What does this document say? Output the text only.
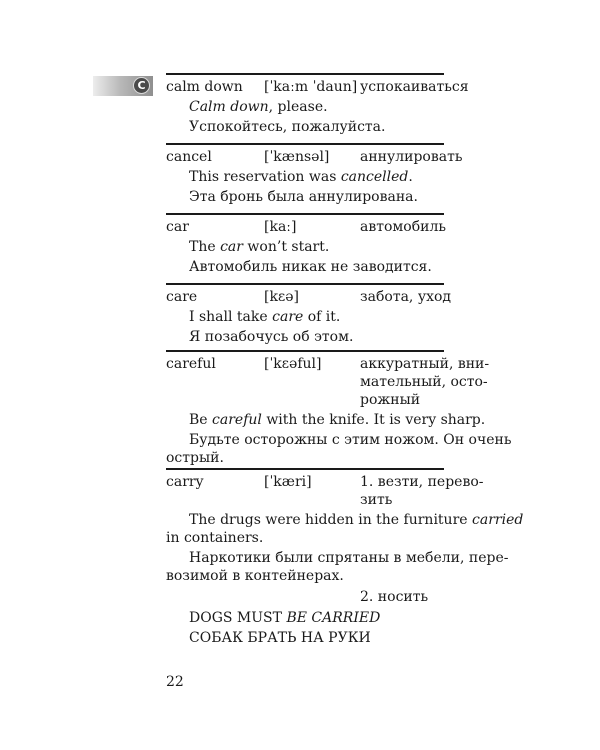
C	calm down [ˈkaːm ˈdaun] успокаиваться
Calm down, please.
Успокойтесь, пожалуйста.
cancel	[ˈkænsəl] аннулировать
This reservation was cancelled.
Эта бронь была аннулирована.
car	[kaː]	автомобиль
The car won’t start.
Автомобиль никак не заводится.
care	[kɛə]	забота, уход
I shall take care of it.
Я позабочусь об этом.
careful	[ˈkɛəful]	аккуратный, вни-
мательный, осто-
рожный
Be careful with the knife. It is very sharp.
Будьте осторожны с этим ножом. Он очень
острый.
carry	[ˈkæri]	1. везти, перево-
зить
The drugs were hidden in the furniture carried
in containers.
Наркотики были спрятаны в мебели, пере-
возимой в контейнерах.
2. носить
DOGS MUST BE CARRIED
СОБАК БРАТЬ НА РУКИ
22
